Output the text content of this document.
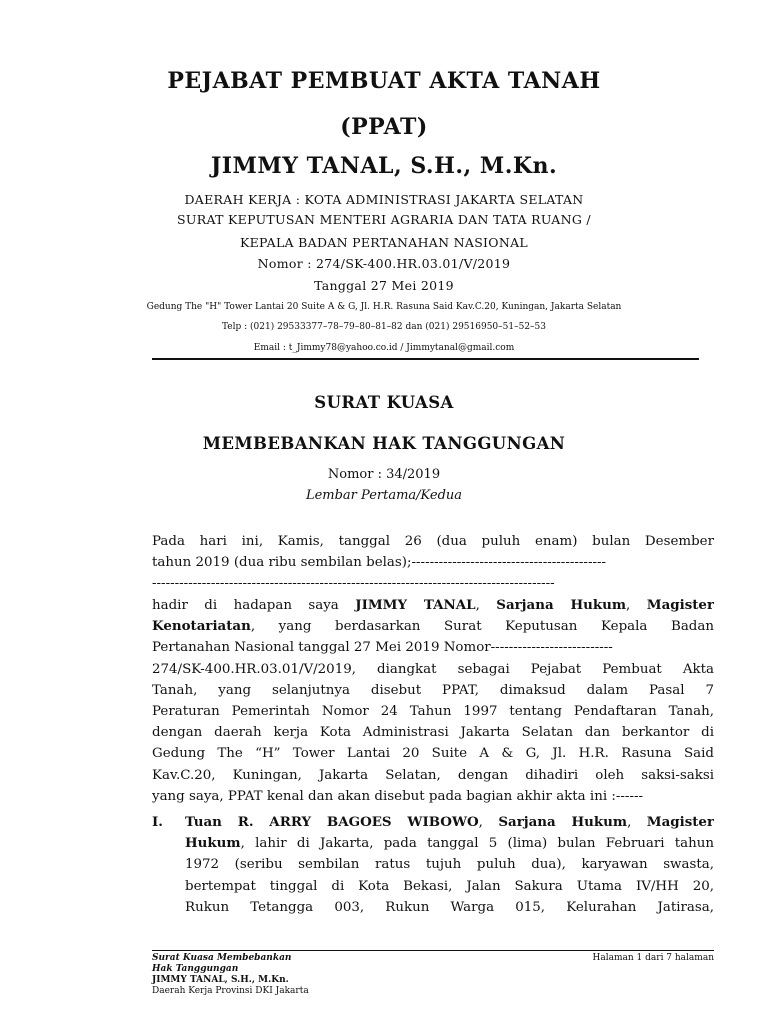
PEJABAT PEMBUAT AKTA TANAH
(PPAT)
JIMMY TANAL, S.H., M.Kn.
DAERAH KERJA : KOTA ADMINISTRASI JAKARTA SELATAN
SURAT KEPUTUSAN MENTERI AGRARIA DAN TATA RUANG /
KEPALA BADAN PERTANAHAN NASIONAL
Nomor : 274/SK-400.HR.03.01/V/2019
Tanggal 27 Mei 2019
Gedung The "H" Tower Lantai 20 Suite A & G, Jl. H.R. Rasuna Said Kav.C.20, Kuningan, Jakarta Selatan
Telp : (021) 29533377–78–79–80–81–82 dan (021) 29516950–51–52–53
Email : t_Jimmy78@yahoo.co.id / Jimmytanal@gmail.com
SURAT KUASA
MEMBEBANKAN HAK TANGGUNGAN
Nomor : 34/2019
Lembar Pertama/Kedua
Pada hari ini, Kamis, tanggal 26 (dua puluh enam) bulan Desember
tahun 2019 (dua ribu sembilan belas);-------------------------------------------
-----------------------------------------------------------------------------------------
hadir di hadapan saya JIMMY TANAL, Sarjana Hukum, Magister
Kenotariatan, yang berdasarkan Surat Keputusan Kepala Badan
Pertanahan Nasional tanggal 27 Mei 2019 Nomor---------------------------
274/SK-400.HR.03.01/V/2019, diangkat sebagai Pejabat Pembuat Akta
Tanah, yang selanjutnya disebut PPAT, dimaksud dalam Pasal 7
Peraturan Pemerintah Nomor 24 Tahun 1997 tentang Pendaftaran Tanah,
dengan daerah kerja Kota Administrasi Jakarta Selatan dan berkantor di
Gedung The “H” Tower Lantai 20 Suite A & G, Jl. H.R. Rasuna Said
Kav.C.20, Kuningan, Jakarta Selatan, dengan dihadiri oleh saksi-saksi
yang saya, PPAT kenal dan akan disebut pada bagian akhir akta ini :------
I. Tuan R. ARRY BAGOES WIBOWO, Sarjana Hukum, Magister
Hukum, lahir di Jakarta, pada tanggal 5 (lima) bulan Februari tahun
1972 (seribu sembilan ratus tujuh puluh dua), karyawan swasta,
bertempat tinggal di Kota Bekasi, Jalan Sakura Utama IV/HH 20,
Rukun Tetangga 003, Rukun Warga 015, Kelurahan Jatirasa,
Surat Kuasa Membebankan
Hak Tanggungan
JIMMY TANAL, S.H., M.Kn.
Daerah Kerja Provinsi DKI Jakarta
Halaman 1 dari 7 halaman
